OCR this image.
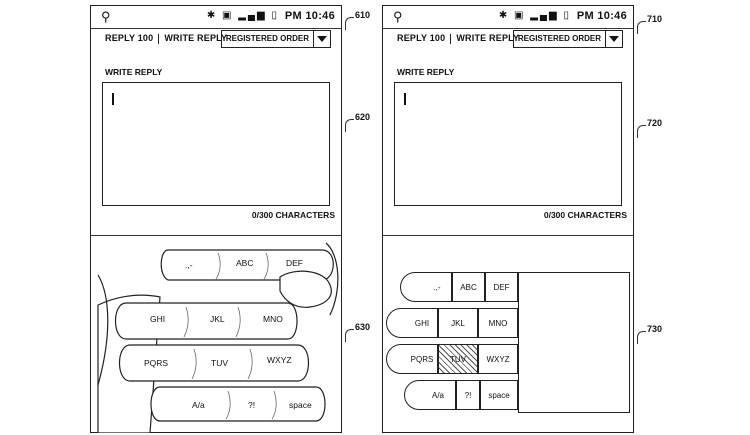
⚲	✱ ▣ ▂▄▆ ▯ PM 10:46
REPLY 100 WRITE REPLY
REGISTERED ORDER
WRITE REPLY
0/300 CHARACTERS
.,-	ABC	DEF
GHI	JKL	MNO
PQRS	TUV	WXYZ
A/a	?!	space
⚲	✱ ▣ ▂▄▆ ▯ PM 10:46
REPLY 100 WRITE REPLY
REGISTERED ORDER
WRITE REPLY
0/300 CHARACTERS
.,-	ABC	DEF
GHI	JKL	MNO
PQRS	TUV	WXYZ
A/a	?!	space
610
620
630
710
720
730
